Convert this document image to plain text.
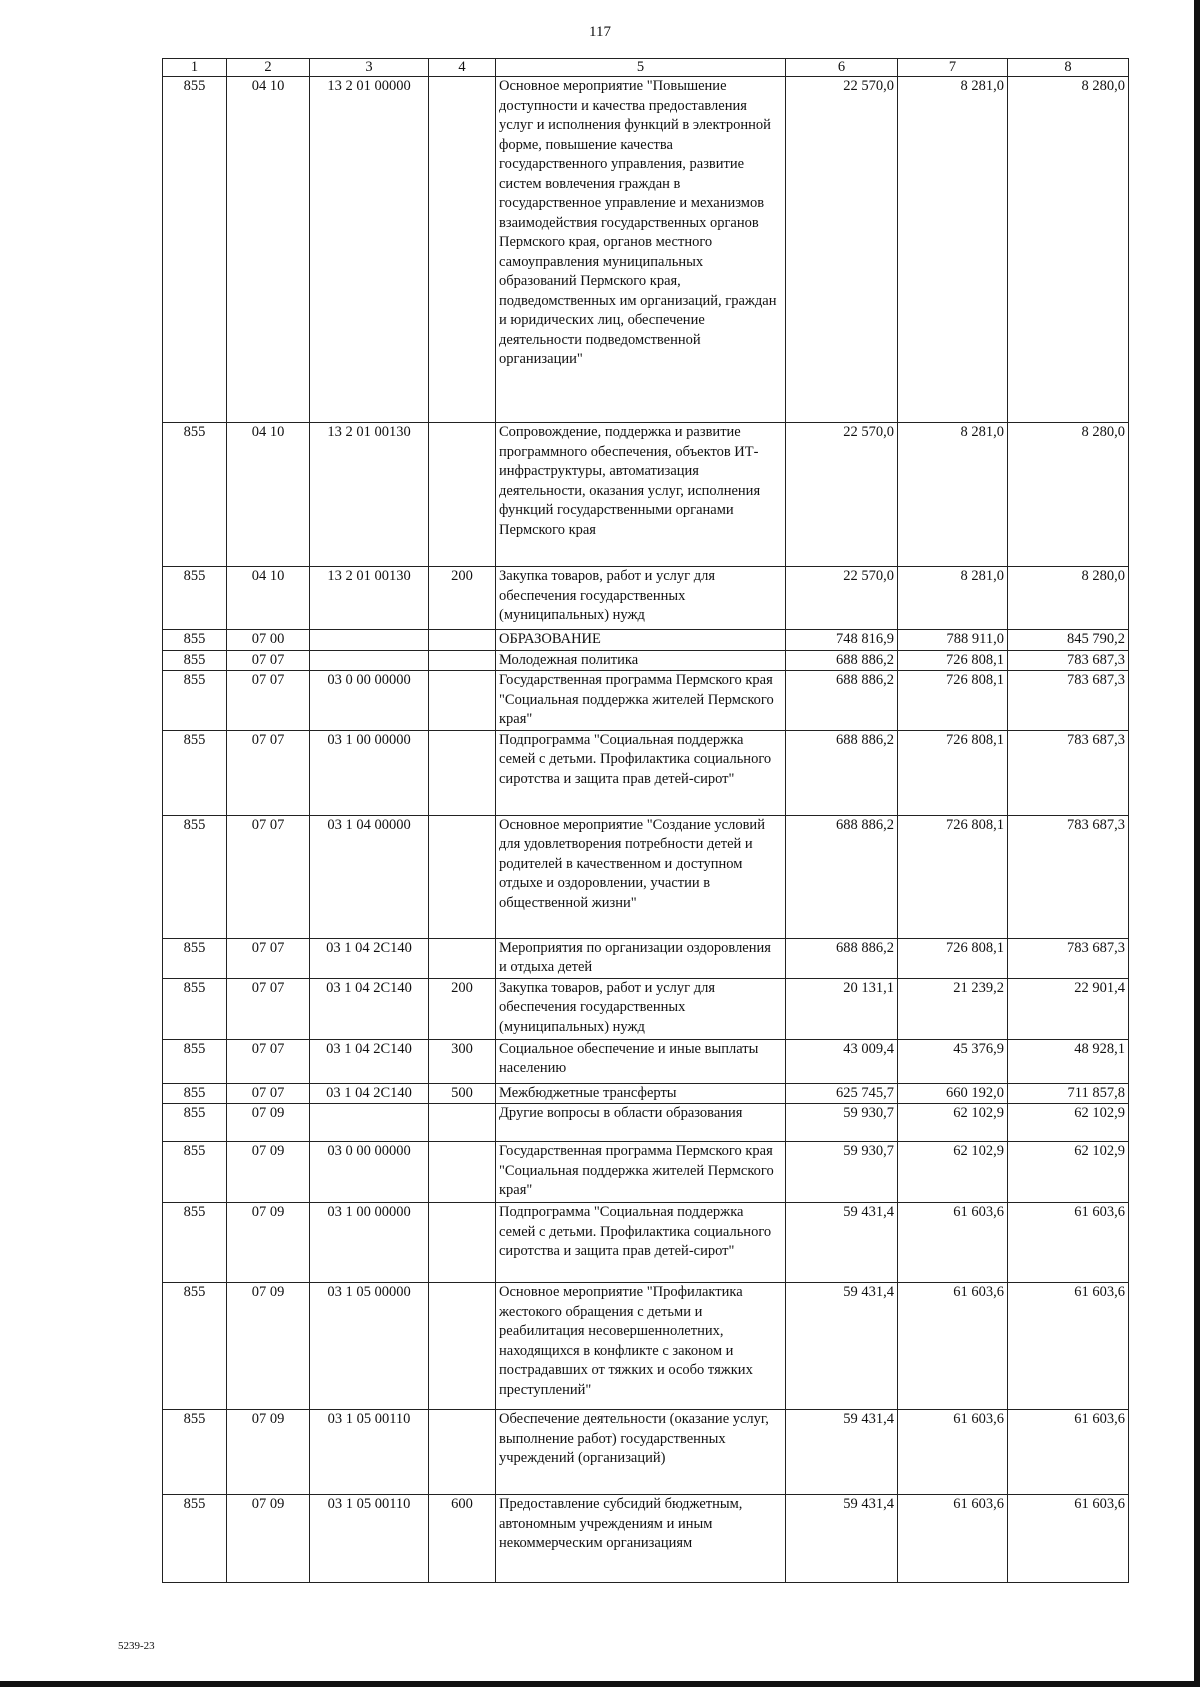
117
1	2	3	4	5	6	7	8
855	04 10	13 2 01 00000		Основное мероприятие "Повышение доступности и качества предоставления услуг и исполнения функций в электронной форме, повышение качества государственного управления, развитие систем вовлечения граждан в государственное управление и механизмов взаимодействия государственных органов Пермского края, органов местного самоуправления муниципальных образований Пермского края, подведомственных им организаций, граждан и юридических лиц, обеспечение деятельности подведомственной организации"	22 570,0	8 281,0	8 280,0
855	04 10	13 2 01 00130		Сопровождение, поддержка и развитие программного обеспечения, объектов ИТ-инфраструктуры, автоматизация деятельности, оказания услуг, исполнения функций государственными органами Пермского края	22 570,0	8 281,0	8 280,0
855	04 10	13 2 01 00130	200	Закупка товаров, работ и услуг для обеспечения государственных (муниципальных) нужд	22 570,0	8 281,0	8 280,0
855	07 00			ОБРАЗОВАНИЕ	748 816,9	788 911,0	845 790,2
855	07 07			Молодежная политика	688 886,2	726 808,1	783 687,3
855	07 07	03 0 00 00000		Государственная программа Пермского края "Социальная поддержка жителей Пермского края"	688 886,2	726 808,1	783 687,3
855	07 07	03 1 00 00000		Подпрограмма "Социальная поддержка семей с детьми. Профилактика социального сиротства и защита прав детей-сирот"	688 886,2	726 808,1	783 687,3
855	07 07	03 1 04 00000		Основное мероприятие "Создание условий для удовлетворения потребности детей и родителей в качественном и доступном отдыхе и оздоровлении, участии в общественной жизни"	688 886,2	726 808,1	783 687,3
855	07 07	03 1 04 2С140		Мероприятия по организации оздоровления и отдыха детей	688 886,2	726 808,1	783 687,3
855	07 07	03 1 04 2С140	200	Закупка товаров, работ и услуг для обеспечения государственных (муниципальных) нужд	20 131,1	21 239,2	22 901,4
855	07 07	03 1 04 2С140	300	Социальное обеспечение и иные выплаты населению	43 009,4	45 376,9	48 928,1
855	07 07	03 1 04 2С140	500	Межбюджетные трансферты	625 745,7	660 192,0	711 857,8
855	07 09			Другие вопросы в области образования	59 930,7	62 102,9	62 102,9
855	07 09	03 0 00 00000		Государственная программа Пермского края "Социальная поддержка жителей Пермского края"	59 930,7	62 102,9	62 102,9
855	07 09	03 1 00 00000		Подпрограмма "Социальная поддержка семей с детьми. Профилактика социального сиротства и защита прав детей-сирот"	59 431,4	61 603,6	61 603,6
855	07 09	03 1 05 00000		Основное мероприятие "Профилактика жестокого обращения с детьми и реабилитация несовершеннолетних, находящихся в конфликте с законом и пострадавших от тяжких и особо тяжких преступлений"	59 431,4	61 603,6	61 603,6
855	07 09	03 1 05 00110		Обеспечение деятельности (оказание услуг, выполнение работ) государственных учреждений (организаций)	59 431,4	61 603,6	61 603,6
855	07 09	03 1 05 00110	600	Предоставление субсидий бюджетным, автономным учреждениям и иным некоммерческим организациям	59 431,4	61 603,6	61 603,6
5239-23
